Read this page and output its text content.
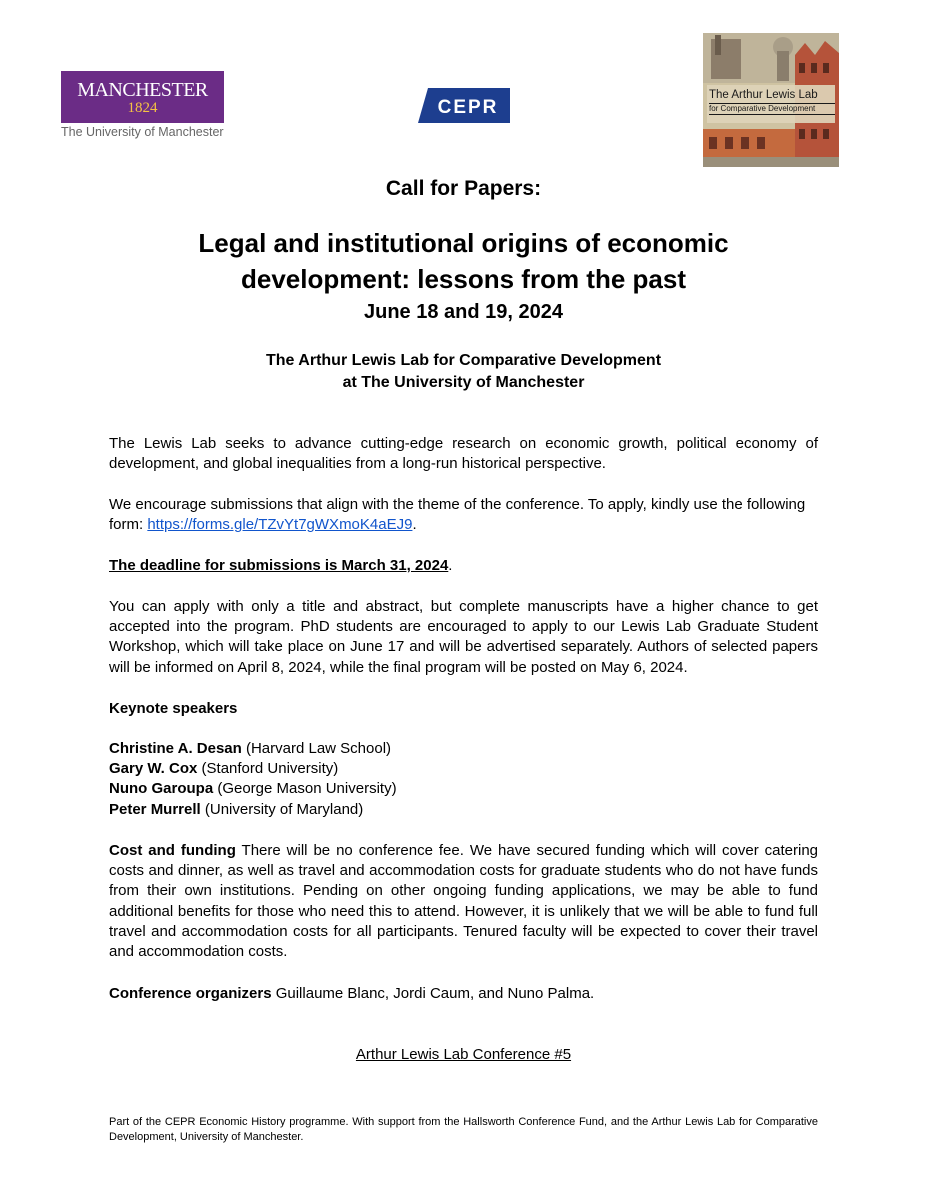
MANCHESTER
1824
The University of Manchester
CEPR
The Arthur Lewis Lab
for Comparative Development
Call for Papers:
Legal and institutional origins of economic
development: lessons from the past
June 18 and 19, 2024
The Arthur Lewis Lab for Comparative Development
at The University of Manchester
The Lewis Lab seeks to advance cutting-edge research on economic growth, political economy of development, and global inequalities from a long-run historical perspective.
We encourage submissions that align with the theme of the conference. To apply, kindly use the following form: https://forms.gle/TZvYt7gWXmoK4aEJ9.
The deadline for submissions is March 31, 2024.
You can apply with only a title and abstract, but complete manuscripts have a higher chance to get accepted into the program. PhD students are encouraged to apply to our Lewis Lab Graduate Student Workshop, which will take place on June 17 and will be advertised separately. Authors of selected papers will be informed on April 8, 2024, while the final program will be posted on May 6, 2024.
Keynote speakers
Christine A. Desan (Harvard Law School)
Gary W. Cox (Stanford University)
Nuno Garoupa (George Mason University)
Peter Murrell (University of Maryland)
Cost and funding There will be no conference fee. We have secured funding which will cover catering costs and dinner, as well as travel and accommodation costs for graduate students who do not have funds from their own institutions. Pending on other ongoing funding applications, we may be able to fund additional benefits for those who need this to attend. However, it is unlikely that we will be able to fund full travel and accommodation costs for all participants. Tenured faculty will be expected to cover their travel and accommodation costs.
Conference organizers Guillaume Blanc, Jordi Caum, and Nuno Palma.
Arthur Lewis Lab Conference #5
Part of the CEPR Economic History programme. With support from the Hallsworth Conference Fund, and the Arthur Lewis Lab for Comparative Development, University of Manchester.
